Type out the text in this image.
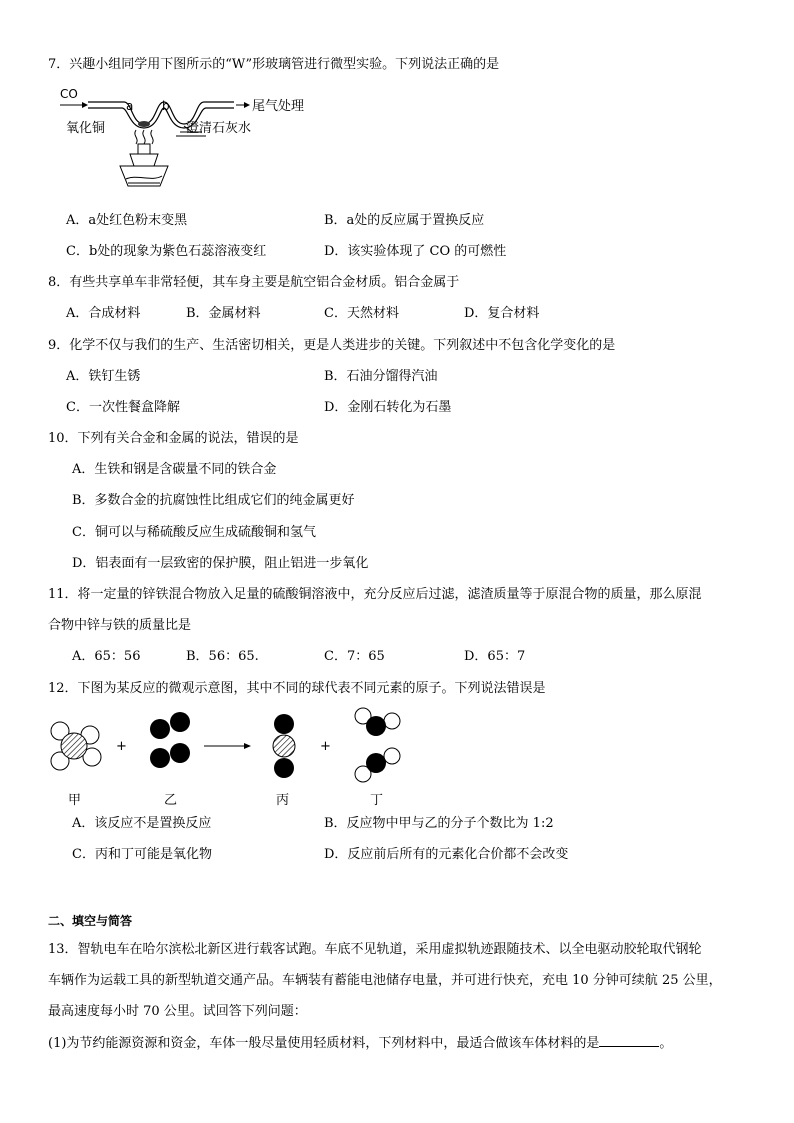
7．兴趣小组同学用下图所示的“W”形玻璃管进行微型实验。下列说法正确的是
CO
a b	尾气处理
氧化铜	澄清石灰水
A．a处红色粉末变黑	B．a处的反应属于置换反应
C．b处的现象为紫色石蕊溶液变红	D．该实验体现了 CO 的可燃性
8．有些共享单车非常轻便，其车身主要是航空铝合金材质。铝合金属于
A．合成材料	B．金属材料	C．天然材料	D．复合材料
9．化学不仅与我们的生产、生活密切相关，更是人类进步的关键。下列叙述中不包含化学变化的是
A．铁钉生锈	B．石油分馏得汽油
C．一次性餐盒降解	D．金刚石转化为石墨
10．下列有关合金和金属的说法，错误的是
A．生铁和钢是含碳量不同的铁合金
B．多数合金的抗腐蚀性比组成它们的纯金属更好
C．铜可以与稀硫酸反应生成硫酸铜和氢气
D．铝表面有一层致密的保护膜，阻止铝进一步氧化
11．将一定量的锌铁混合物放入足量的硫酸铜溶液中，充分反应后过滤，滤渣质量等于原混合物的质量，那么原混
合物中锌与铁的质量比是
A．65：56	B．56：65.	C．7：65	D．65：7
12．下图为某反应的微观示意图，其中不同的球代表不同元素的原子。下列说法错误是
+	+
甲	乙	丙	丁
A．该反应不是置换反应	B．反应物中甲与乙的分子个数比为 1:2
C．丙和丁可能是氧化物	D．反应前后所有的元素化合价都不会改变
二、填空与简答
13．智轨电车在哈尔滨松北新区进行载客试跑。车底不见轨道，采用虚拟轨迹跟随技术、以全电驱动胶轮取代钢轮
车辆作为运载工具的新型轨道交通产品。车辆装有蓄能电池储存电量，并可进行快充，充电 10 分钟可续航 25 公里，
最高速度每小时 70 公里。试回答下列问题：
(1)为节约能源资源和资金，车体一般尽量使用轻质材料，下列材料中，最适合做该车体材料的是	。
